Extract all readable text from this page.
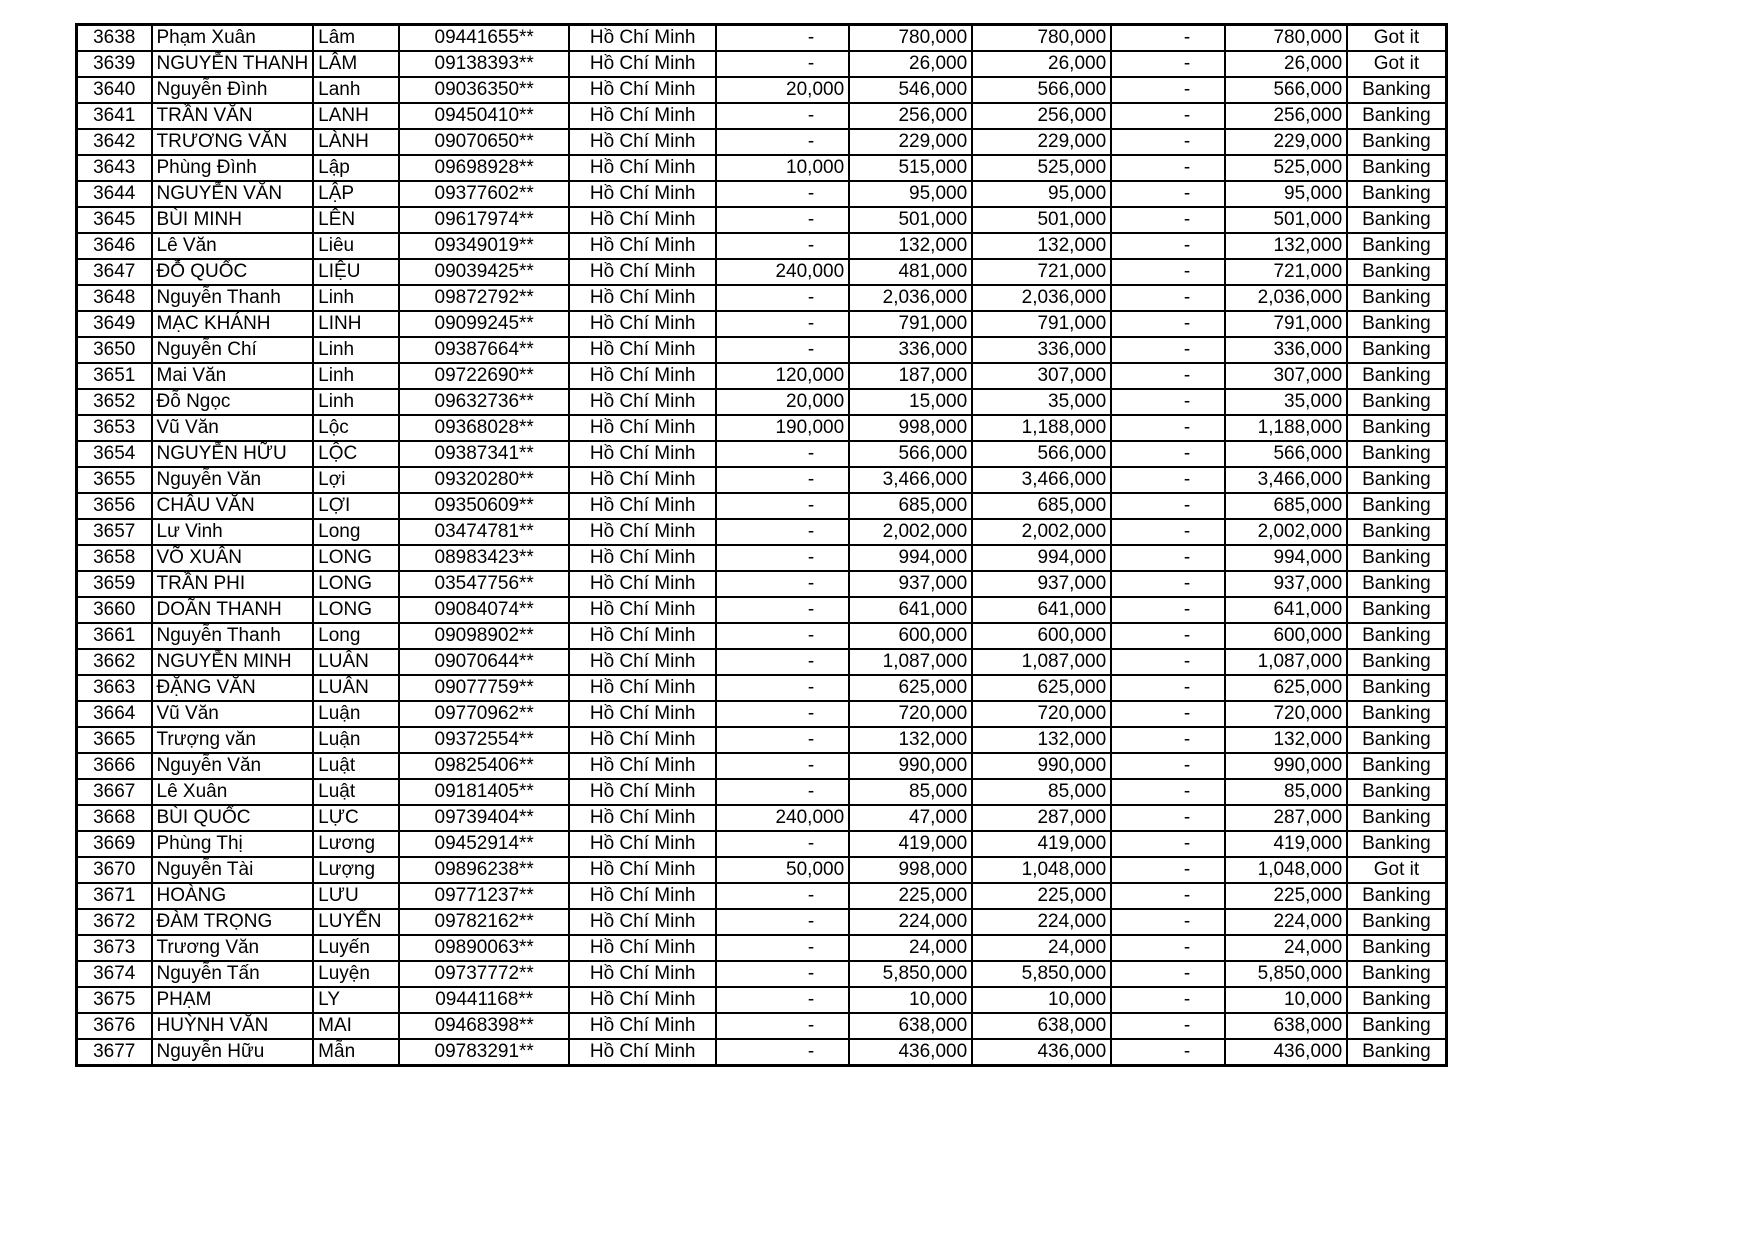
3638	Phạm Xuân	Lâm	09441655**	Hồ Chí Minh	-	780,000	780,000	-	780,000	Got it
3639	NGUYỄN THANH	LÂM	09138393**	Hồ Chí Minh	-	26,000	26,000	-	26,000	Got it
3640	Nguyễn Đình	Lanh	09036350**	Hồ Chí Minh	20,000	546,000	566,000	-	566,000	Banking
3641	TRẦN VĂN	LANH	09450410**	Hồ Chí Minh	-	256,000	256,000	-	256,000	Banking
3642	TRƯƠNG VĂN	LÀNH	09070650**	Hồ Chí Minh	-	229,000	229,000	-	229,000	Banking
3643	Phùng Đình	Lập	09698928**	Hồ Chí Minh	10,000	515,000	525,000	-	525,000	Banking
3644	NGUYỄN VĂN	LẬP	09377602**	Hồ Chí Minh	-	95,000	95,000	-	95,000	Banking
3645	BÙI MINH	LÊN	09617974**	Hồ Chí Minh	-	501,000	501,000	-	501,000	Banking
3646	Lê Văn	Liêu	09349019**	Hồ Chí Minh	-	132,000	132,000	-	132,000	Banking
3647	ĐỖ QUỐC	LIỆU	09039425**	Hồ Chí Minh	240,000	481,000	721,000	-	721,000	Banking
3648	Nguyễn Thanh	Linh	09872792**	Hồ Chí Minh	-	2,036,000	2,036,000	-	2,036,000	Banking
3649	MẠC KHÁNH	LINH	09099245**	Hồ Chí Minh	-	791,000	791,000	-	791,000	Banking
3650	Nguyễn Chí	Linh	09387664**	Hồ Chí Minh	-	336,000	336,000	-	336,000	Banking
3651	Mai Văn	Linh	09722690**	Hồ Chí Minh	120,000	187,000	307,000	-	307,000	Banking
3652	Đỗ Ngọc	Linh	09632736**	Hồ Chí Minh	20,000	15,000	35,000	-	35,000	Banking
3653	Vũ Văn	Lộc	09368028**	Hồ Chí Minh	190,000	998,000	1,188,000	-	1,188,000	Banking
3654	NGUYỄN HỮU	LỘC	09387341**	Hồ Chí Minh	-	566,000	566,000	-	566,000	Banking
3655	Nguyễn Văn	Lợi	09320280**	Hồ Chí Minh	-	3,466,000	3,466,000	-	3,466,000	Banking
3656	CHÂU VĂN	LỢI	09350609**	Hồ Chí Minh	-	685,000	685,000	-	685,000	Banking
3657	Lư Vinh	Long	03474781**	Hồ Chí Minh	-	2,002,000	2,002,000	-	2,002,000	Banking
3658	VÕ XUÂN	LONG	08983423**	Hồ Chí Minh	-	994,000	994,000	-	994,000	Banking
3659	TRẦN PHI	LONG	03547756**	Hồ Chí Minh	-	937,000	937,000	-	937,000	Banking
3660	DOÃN THANH	LONG	09084074**	Hồ Chí Minh	-	641,000	641,000	-	641,000	Banking
3661	Nguyễn Thanh	Long	09098902**	Hồ Chí Minh	-	600,000	600,000	-	600,000	Banking
3662	NGUYỄN MINH	LUÂN	09070644**	Hồ Chí Minh	-	1,087,000	1,087,000	-	1,087,000	Banking
3663	ĐẶNG VĂN	LUÂN	09077759**	Hồ Chí Minh	-	625,000	625,000	-	625,000	Banking
3664	Vũ Văn	Luận	09770962**	Hồ Chí Minh	-	720,000	720,000	-	720,000	Banking
3665	Trượng văn	Luận	09372554**	Hồ Chí Minh	-	132,000	132,000	-	132,000	Banking
3666	Nguyễn Văn	Luật	09825406**	Hồ Chí Minh	-	990,000	990,000	-	990,000	Banking
3667	Lê Xuân	Luật	09181405**	Hồ Chí Minh	-	85,000	85,000	-	85,000	Banking
3668	BÙI QUỐC	LỰC	09739404**	Hồ Chí Minh	240,000	47,000	287,000	-	287,000	Banking
3669	Phùng Thị	Lương	09452914**	Hồ Chí Minh	-	419,000	419,000	-	419,000	Banking
3670	Nguyễn Tài	Lượng	09896238**	Hồ Chí Minh	50,000	998,000	1,048,000	-	1,048,000	Got it
3671	HOÀNG	LƯU	09771237**	Hồ Chí Minh	-	225,000	225,000	-	225,000	Banking
3672	ĐÀM TRỌNG	LUYẾN	09782162**	Hồ Chí Minh	-	224,000	224,000	-	224,000	Banking
3673	Trương Văn	Luyến	09890063**	Hồ Chí Minh	-	24,000	24,000	-	24,000	Banking
3674	Nguyễn Tấn	Luyện	09737772**	Hồ Chí Minh	-	5,850,000	5,850,000	-	5,850,000	Banking
3675	PHẠM	LY	09441168**	Hồ Chí Minh	-	10,000	10,000	-	10,000	Banking
3676	HUỲNH VĂN	MAI	09468398**	Hồ Chí Minh	-	638,000	638,000	-	638,000	Banking
3677	Nguyễn Hữu	Mẫn	09783291**	Hồ Chí Minh	-	436,000	436,000	-	436,000	Banking
